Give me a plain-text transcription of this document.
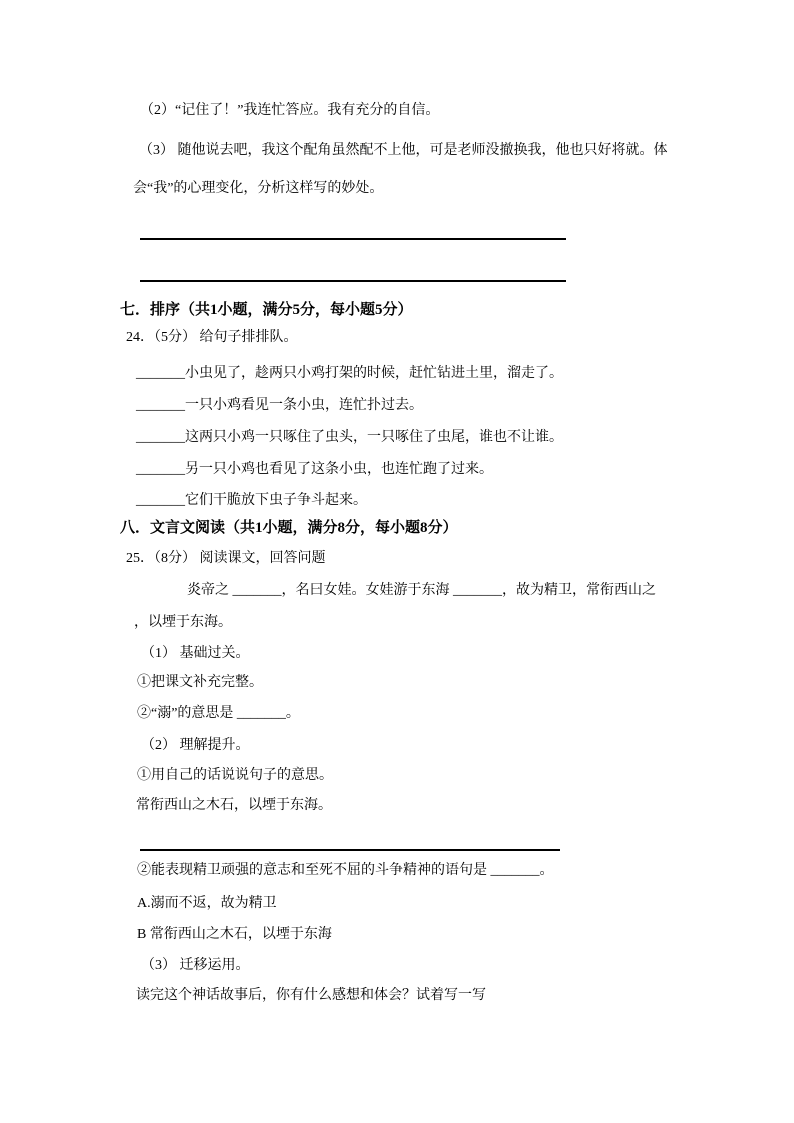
（2）“记住了！”我连忙答应。我有充分的自信。

（3） 随他说去吧，我这个配角虽然配不上他，可是老师没撤换我，他也只好将就。体

会“我”的心理变化，分析这样写的妙处。

七．排序（共1小题，满分5分，每小题5分）

24．（5分） 给句子排排队。

_______小虫见了，趁两只小鸡打架的时候，赶忙钻进土里，溜走了。

_______一只小鸡看见一条小虫，连忙扑过去。

_______这两只小鸡一只啄住了虫头，一只啄住了虫尾，谁也不让谁。

_______另一只小鸡也看见了这条小虫，也连忙跑了过来。

_______它们干脆放下虫子争斗起来。

八．文言文阅读（共1小题，满分8分，每小题8分）

25．（8分） 阅读课文，回答问题

炎帝之 _______，名曰女娃。女娃游于东海 _______，故为精卫，常衔西山之

，以堙于东海。

（1） 基础过关。

①把课文补充完整。

②“溺”的意思是 _______。

（2） 理解提升。

①用自己的话说说句子的意思。

常衔西山之木石，以堙于东海。

②能表现精卫顽强的意志和至死不屈的斗争精神的语句是 _______。

A.溺而不返，故为精卫

B 常衔西山之木石，以堙于东海

（3） 迁移运用。

读完这个神话故事后，你有什么感想和体会？试着写一写
